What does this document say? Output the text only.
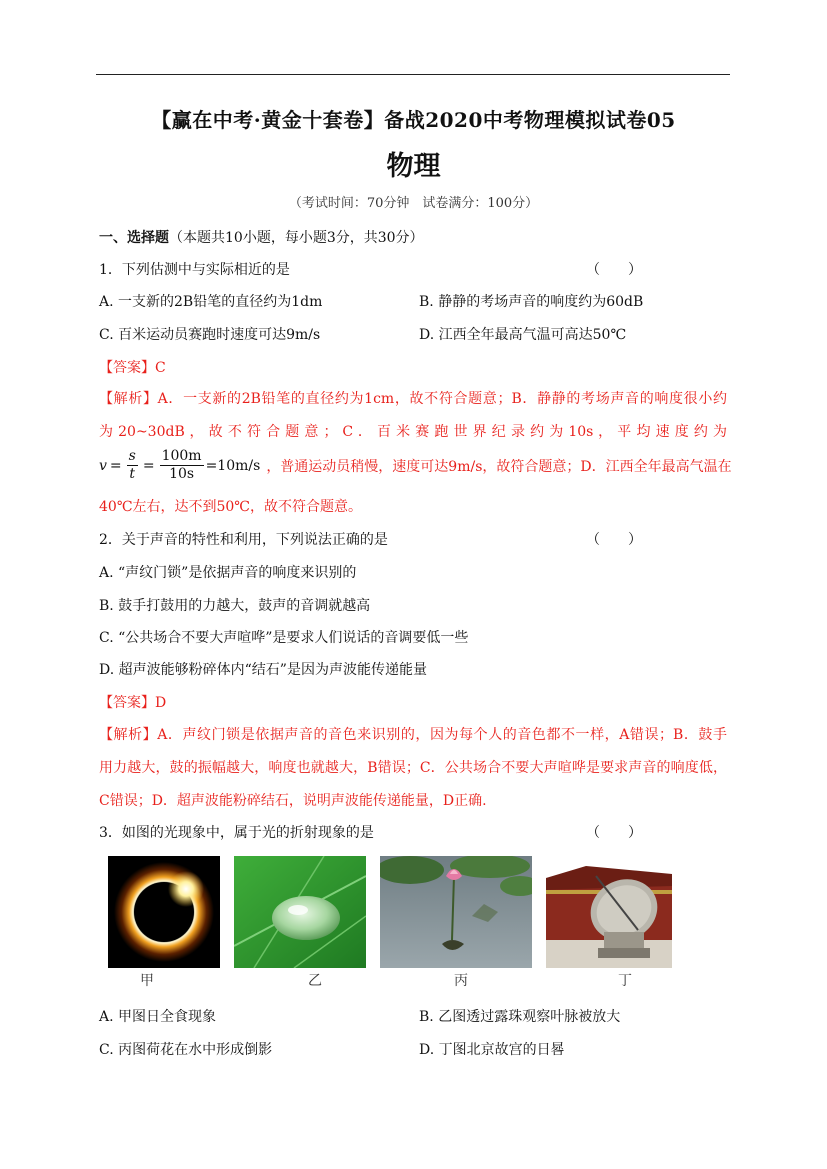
【赢在中考·黄金十套卷】备战2020中考物理模拟试卷05
物理
（考试时间：70分钟　试卷满分：100分）
一、选择题（本题共10小题，每小题3分，共30分）
1．下列估测中与实际相近的是	（　　）
A. 一支新的2B铅笔的直径约为1dm	B. 静静的考场声音的响度约为60dB
C. 百米运动员赛跑时速度可达9m/s	D. 江西全年最高气温可高达50℃
【答案】C
【解析】A．一支新的2B铅笔的直径约为1cm，故不符合题意；B．静静的考场声音的响度很小约
为 20~30dB ， 故 不 符 合 题 意 ； C ． 百 米 赛 跑 世 界 纪 录 约 为 10s ， 平 均 速 度 约 为
$v = \frac{s}{t} = \frac{100m}{10s} =10m/s$ ，普通运动员稍慢，速度可达9m/s，故符合题意；D．江西全年最高气温在
40℃左右，达不到50℃，故不符合题意。
2．关于声音的特性和利用，下列说法正确的是	（　　）
A. “声纹门锁”是依据声音的响度来识别的
B. 鼓手打鼓用的力越大，鼓声的音调就越高
C. “公共场合不要大声喧哗”是要求人们说话的音调要低一些
D. 超声波能够粉碎体内“结石”是因为声波能传递能量
【答案】D
【解析】A．声纹门锁是依据声音的音色来识别的，因为每个人的音色都不一样，A错误；B．鼓手
用力越大，鼓的振幅越大，响度也就越大，B错误；C．公共场合不要大声喧哗是要求声音的响度低，
C错误；D．超声波能粉碎结石，说明声波能传递能量，D正确.
3．如图的光现象中，属于光的折射现象的是	（　　）
甲	乙	丙	丁
A. 甲图日全食现象	B. 乙图透过露珠观察叶脉被放大
C. 丙图荷花在水中形成倒影	D. 丁图北京故宫的日晷
